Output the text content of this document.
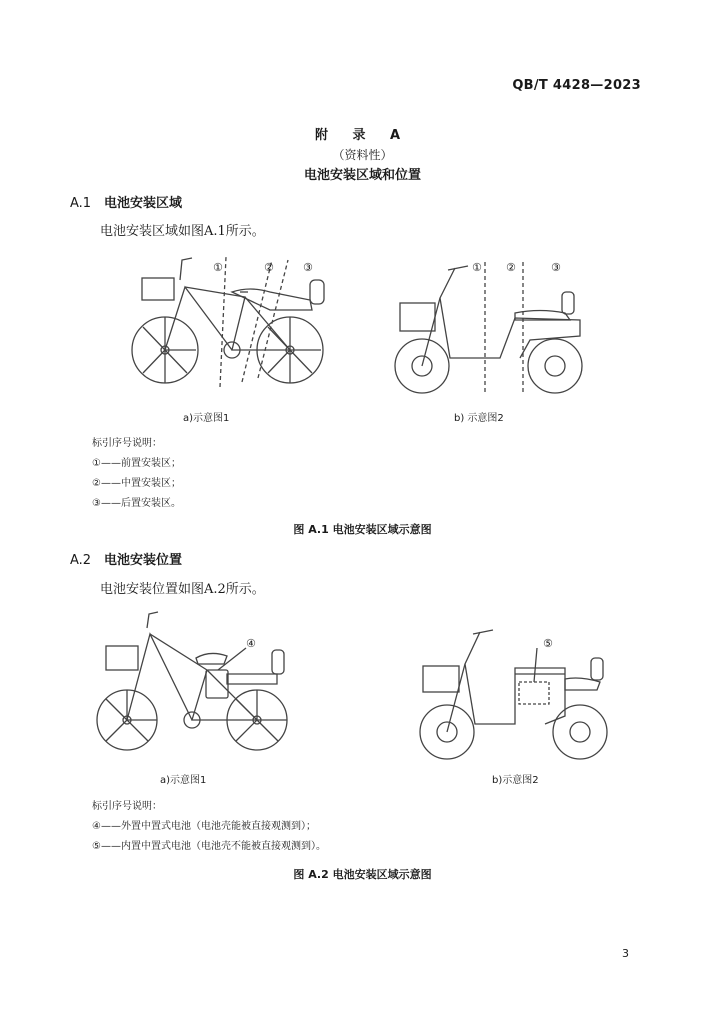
QB/T 4428—2023
附 录 A
（资料性）
电池安装区域和位置
A.1 电池安装区域
电池安装区域如图A.1所示。
①	②	③
a)示意图1
① ②	③
b) 示意图2
标引序号说明：
①——前置安装区；
②——中置安装区；
③——后置安装区。
图 A.1 电池安装区域示意图
A.2 电池安装位置
电池安装位置如图A.2所示。
④
a)示意图1
⑤
b)示意图2
标引序号说明：
④——外置中置式电池（电池壳能被直接观测到）；
⑤——内置中置式电池（电池壳不能被直接观测到）。
图 A.2 电池安装区域示意图
3
